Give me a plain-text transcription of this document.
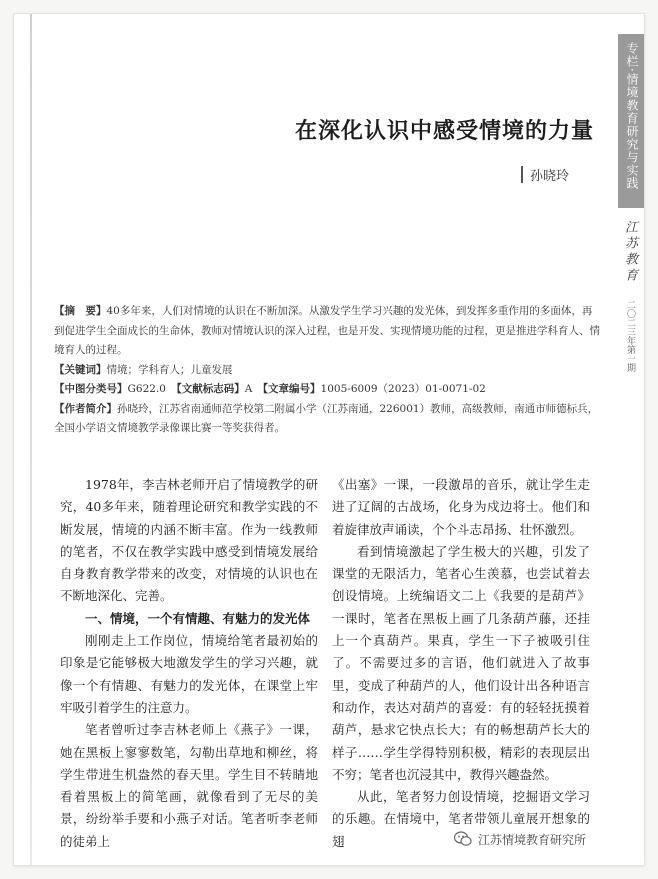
专栏·情境教育研究与实践
江苏教育
二〇二三年第一期
在深化认识中感受情境的力量
孙晓玲

【摘　要】40多年来，人们对情境的认识在不断加深。从激发学生学习兴趣的发光体，到发挥多重作用的多面体，再到促进学生全面成长的生命体，教师对情境认识的深入过程，也是开发、实现情境功能的过程，更是推进学科育人、情境育人的过程。

【关键词】情境；学科育人；儿童发展

【中图分类号】G622.0　 【文献标志码】A　 【文章编号】1005-6009（2023）01-0071-02

【作者简介】孙晓玲，江苏省南通师范学校第二附属小学（江苏南通，226001）教师，高级教师，南通市师德标兵，全国小学语文情境教学录像课比赛一等奖获得者。

1978年，李吉林老师开启了情境教学的研究，40多年来，随着理论研究和教学实践的不断发展，情境的内涵不断丰富。作为一线教师的笔者，不仅在教学实践中感受到情境发展给自身教育教学带来的改变，对情境的认识也在不断地深化、完善。

一、情境，一个有情趣、有魅力的发光体

刚刚走上工作岗位，情境给笔者最初始的印象是它能够极大地激发学生的学习兴趣，就像一个有情趣、有魅力的发光体，在课堂上牢牢吸引着学生的注意力。

笔者曾听过李吉林老师上《燕子》一课，她在黑板上寥寥数笔，勾勒出草地和柳丝，将学生带进生机盎然的春天里。学生目不转睛地看着黑板上的简笔画，就像看到了无尽的美景，纷纷举手要和小燕子对话。笔者听李老师的徒弟上

《出塞》一课，一段激昂的音乐，就让学生走进了辽阔的古战场，化身为戍边将士。他们和着旋律放声诵读，个个斗志昂扬、壮怀激烈。

看到情境激起了学生极大的兴趣，引发了课堂的无限活力，笔者心生羡慕，也尝试着去创设情境。上统编语文二上《我要的是葫芦》一课时，笔者在黑板上画了几条葫芦藤，还挂上一个真葫芦。果真，学生一下子被吸引住了。不需要过多的言语，他们就进入了故事里，变成了种葫芦的人，他们设计出各种语言和动作，表达对葫芦的喜爱：有的轻轻抚摸着葫芦，悬求它快点长大；有的畅想葫芦长大的样子……学生学得特别积极，精彩的表现层出不穷；笔者也沉浸其中，教得兴趣盎然。

从此，笔者努力创设情境，挖掘语文学习的乐趣。在情境中，笔者带领儿童展开想象的翅	江苏情境教育研究所
